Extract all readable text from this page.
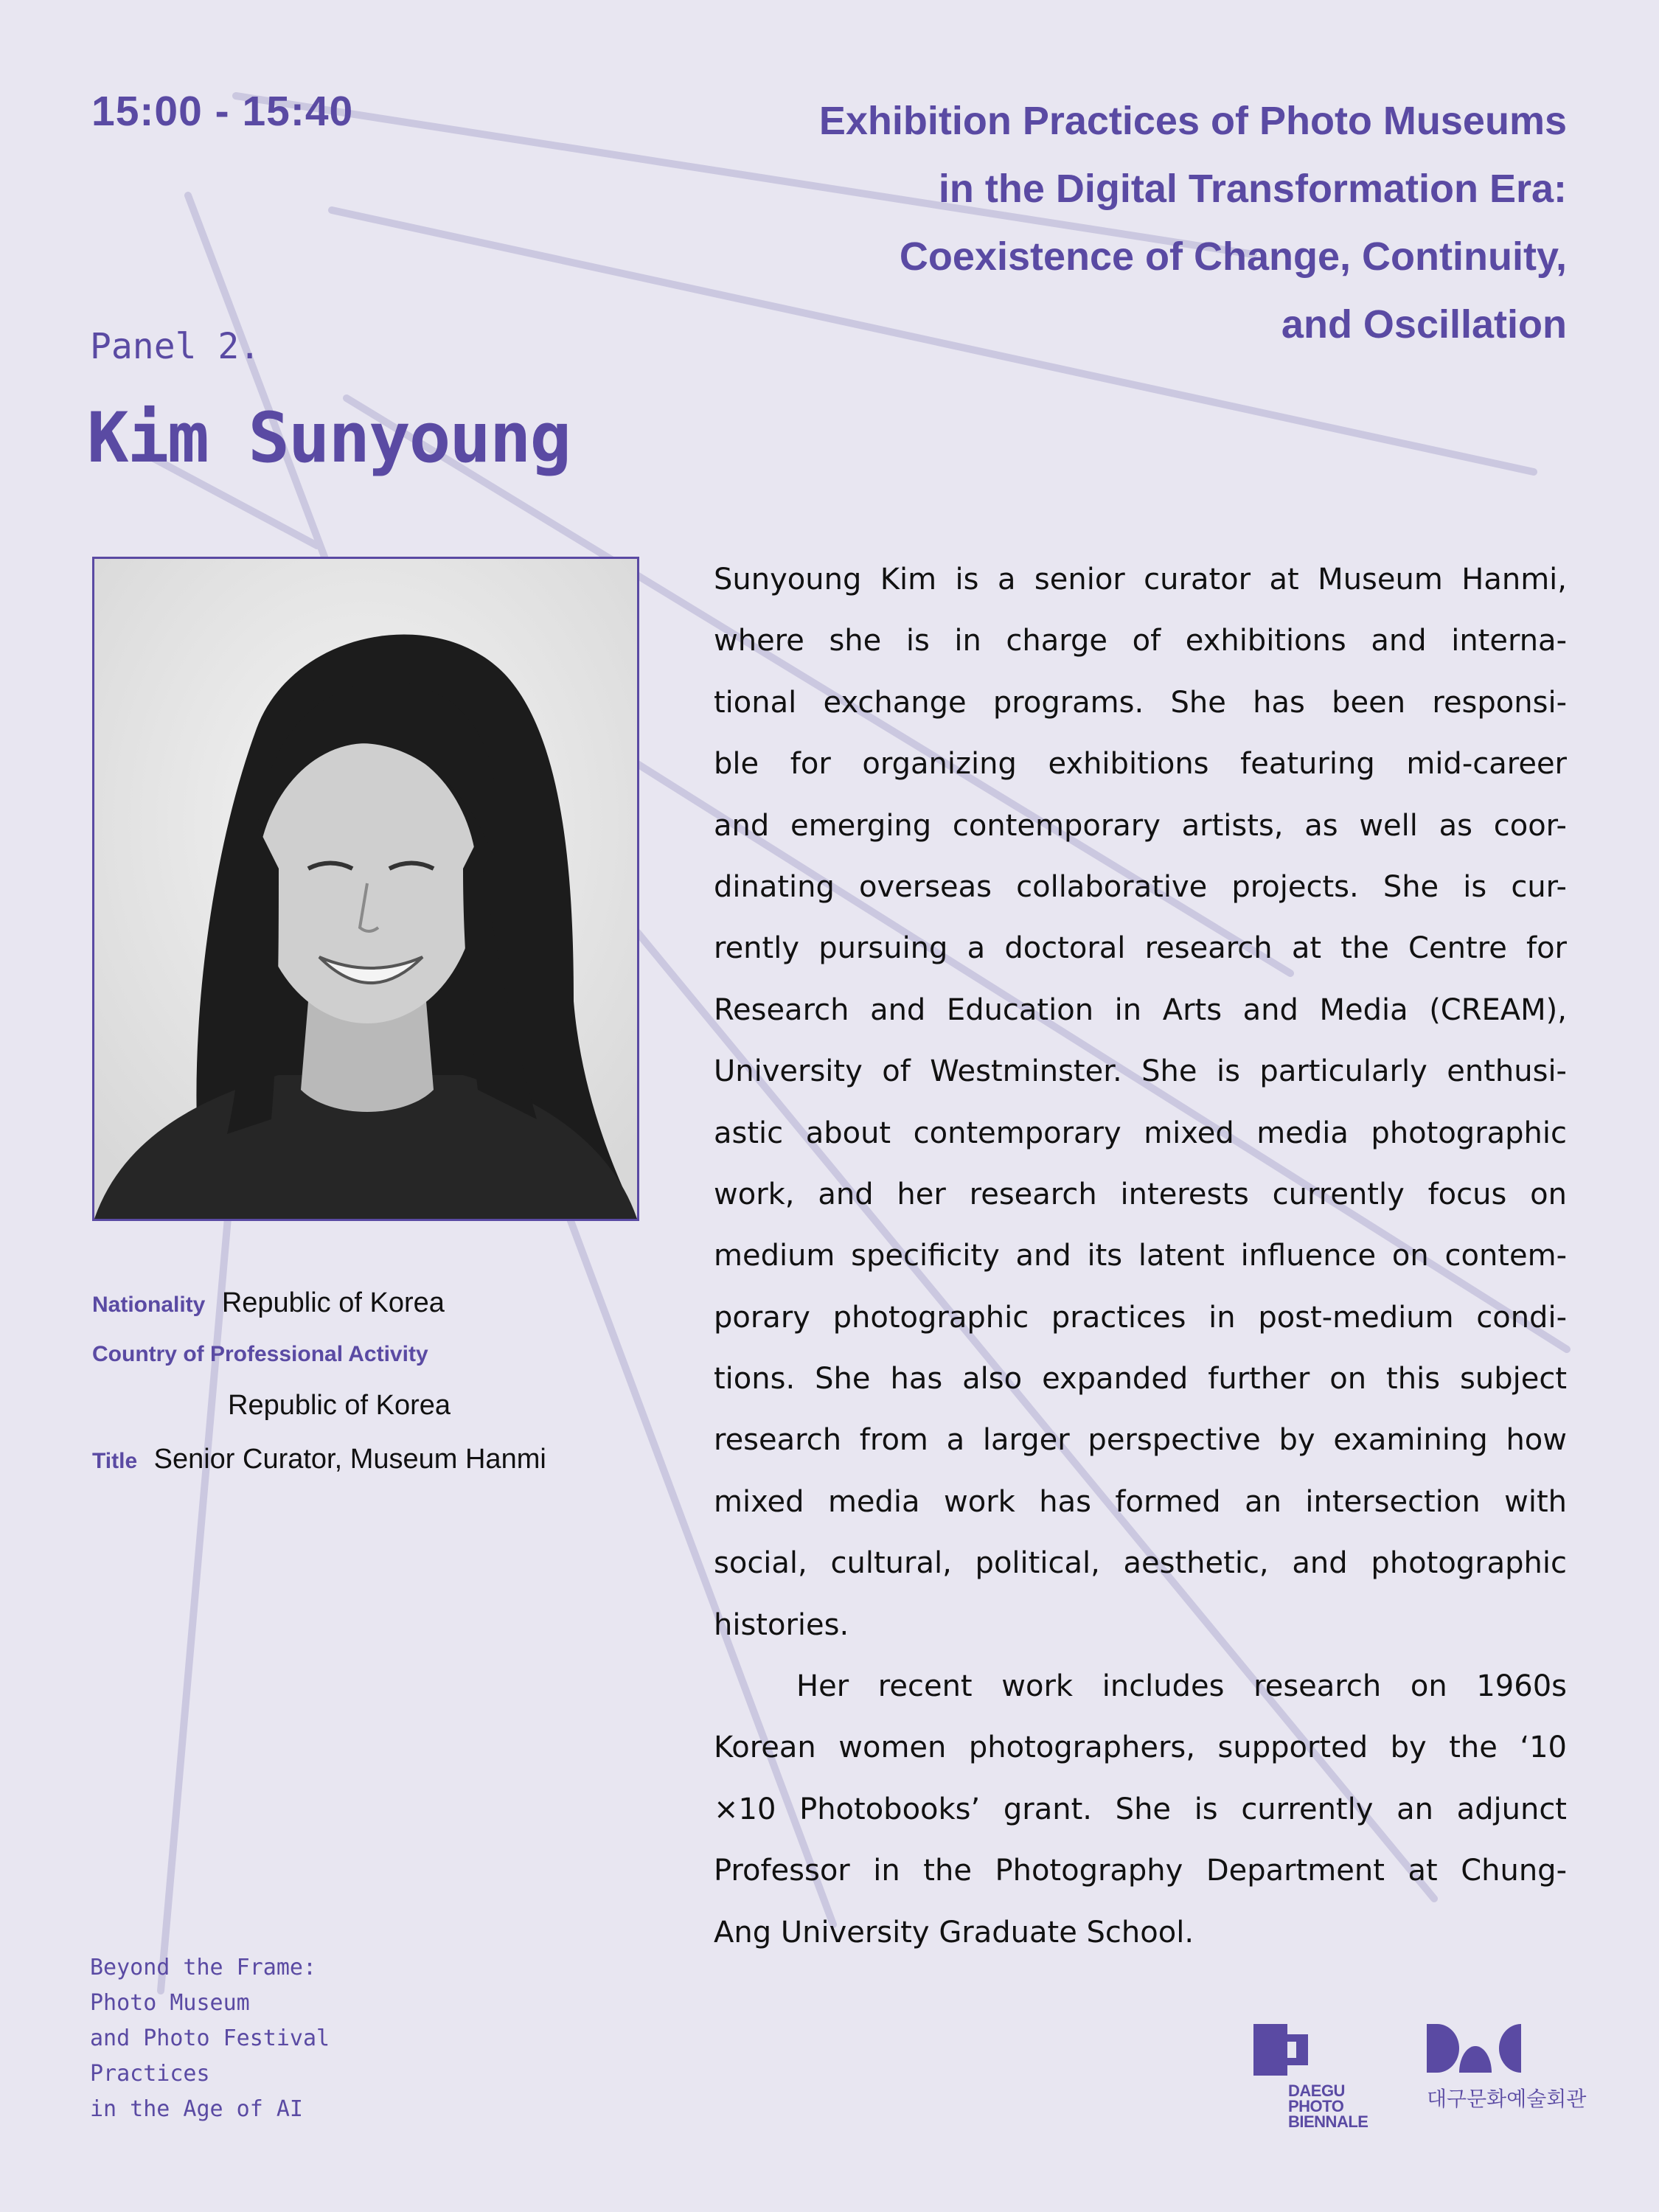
15:00 - 15:40	Exhibition Practices of Photo Museums
in the Digital Transformation Era:
Coexistence of Change, Continuity,
and Oscillation
Panel 2.
Kim Sunyoung
Nationality Republic of Korea
Country of Professional Activity
Republic of Korea
Title Senior Curator, Museum Hanmi
Sunyoung Kim is a senior curator at Museum Hanmi,
where she is in charge of exhibitions and interna-
tional exchange programs. She has been responsi-
ble for organizing exhibitions featuring mid-career
and emerging contemporary artists, as well as coor-
dinating overseas collaborative projects. She is cur-
rently pursuing a doctoral research at the Centre for
Research and Education in Arts and Media (CREAM),
University of Westminster. She is particularly enthusi-
astic about contemporary mixed media photographic
work, and her research interests currently focus on
medium specificity and its latent influence on contem-
porary photographic practices in post-medium condi-
tions. She has also expanded further on this subject
research from a larger perspective by examining how
mixed media work has formed an intersection with
social, cultural, political, aesthetic, and photographic
histories.
Her recent work includes research on 1960s
Korean women photographers, supported by the ‘10
×10 Photobooks’ grant. She is currently an adjunct
Professor in the Photography Department at Chung-
Ang University Graduate School.
Beyond the Frame:
Photo Museum
and Photo Festival
Practices
in the Age of AI
DAEGU
PHOTO
BIENNALE
대구문화예술회관
